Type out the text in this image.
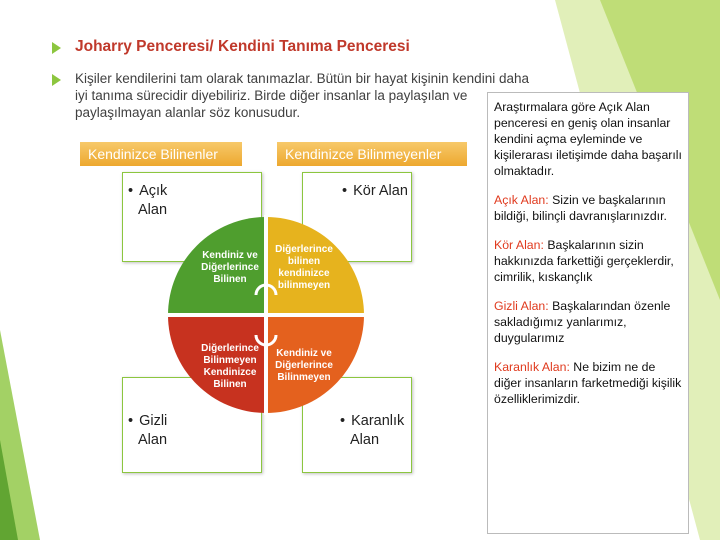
Joharry Penceresi/ Kendini Tanıma Penceresi
Kişiler kendilerini tam olarak tanımazlar. Bütün bir hayat kişinin kendini daha iyi tanıma sürecidir diyebiliriz. Birde diğer insanlar la paylaşılan ve paylaşılmayan alanlar söz konusudur.
Kendinizce Bilinenler	Kendinizce Bilinmeyenler
• Açık
Alan
• Kör Alan
• Gizli
Alan
• Karanlık
Alan
Kendiniz ve
Diğerlerince
Bilinen
Diğerlerince
bilinen
kendinizce
bilinmeyen
Diğerlerince
Bilinmeyen
Kendinizce
Bilinen
Kendiniz ve
Diğerlerince
Bilinmeyen

Araştırmalara göre Açık Alan penceresi en geniş olan insanlar kendini açma eyleminde ve kişilerarası iletişimde daha başarılı olmaktadır.

Açık Alan: Sizin ve başkalarının bildiği, bilinçli davranışlarınızdır.

Kör Alan: Başkalarının sizin hakkınızda farkettiği gerçeklerdir, cimrilik, kıskançlık

Gizli Alan: Başkalarından özenle sakladığımız yanlarımız, duygularımız

Karanlık Alan: Ne bizim ne de diğer insanların farketmediği kişilik özelliklerimizdir.
